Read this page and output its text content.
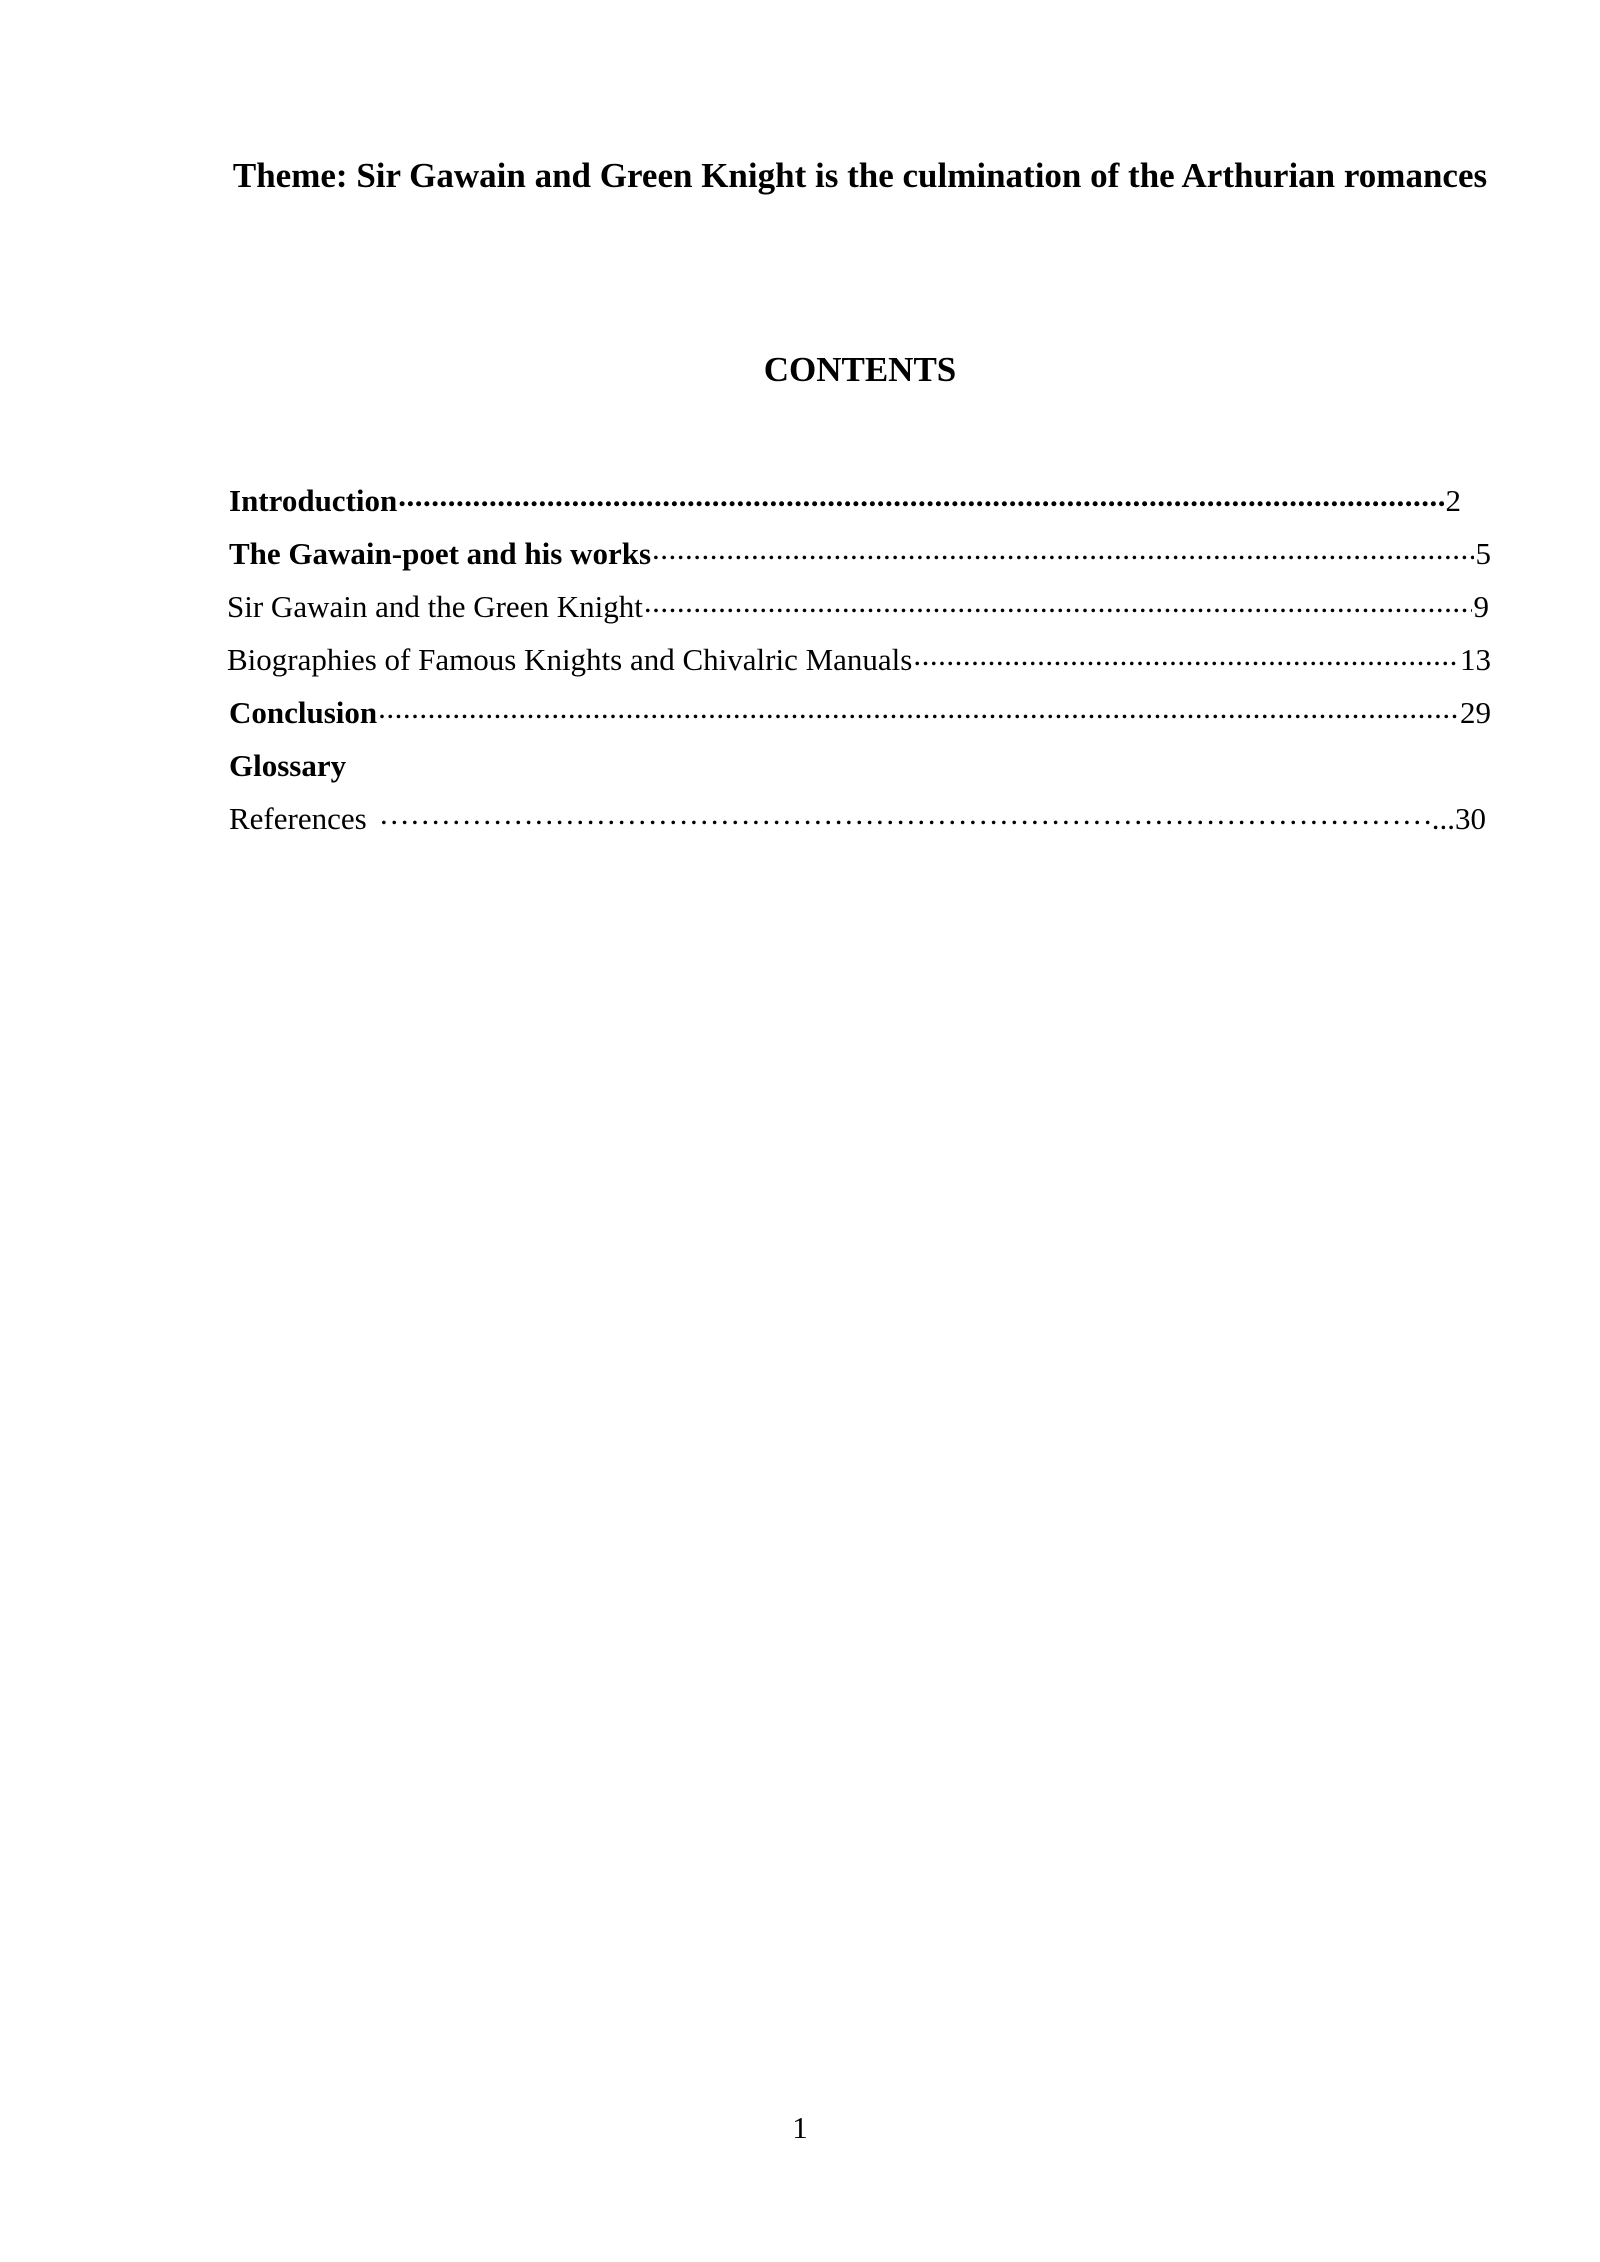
Theme: Sir Gawain and Green Knight is the culmination of the Arthurian romances
CONTENTS
Introduction .....	2
The Gawain-poet and his works .....	5
Sir Gawain and the Green Knight .....	9
Biographies of Famous Knights and Chivalric Manuals .....	13
Conclusion .....	29
Glossary
References ……………………………………………………………………………………………………………………………………………………………………………………………	...30

1
